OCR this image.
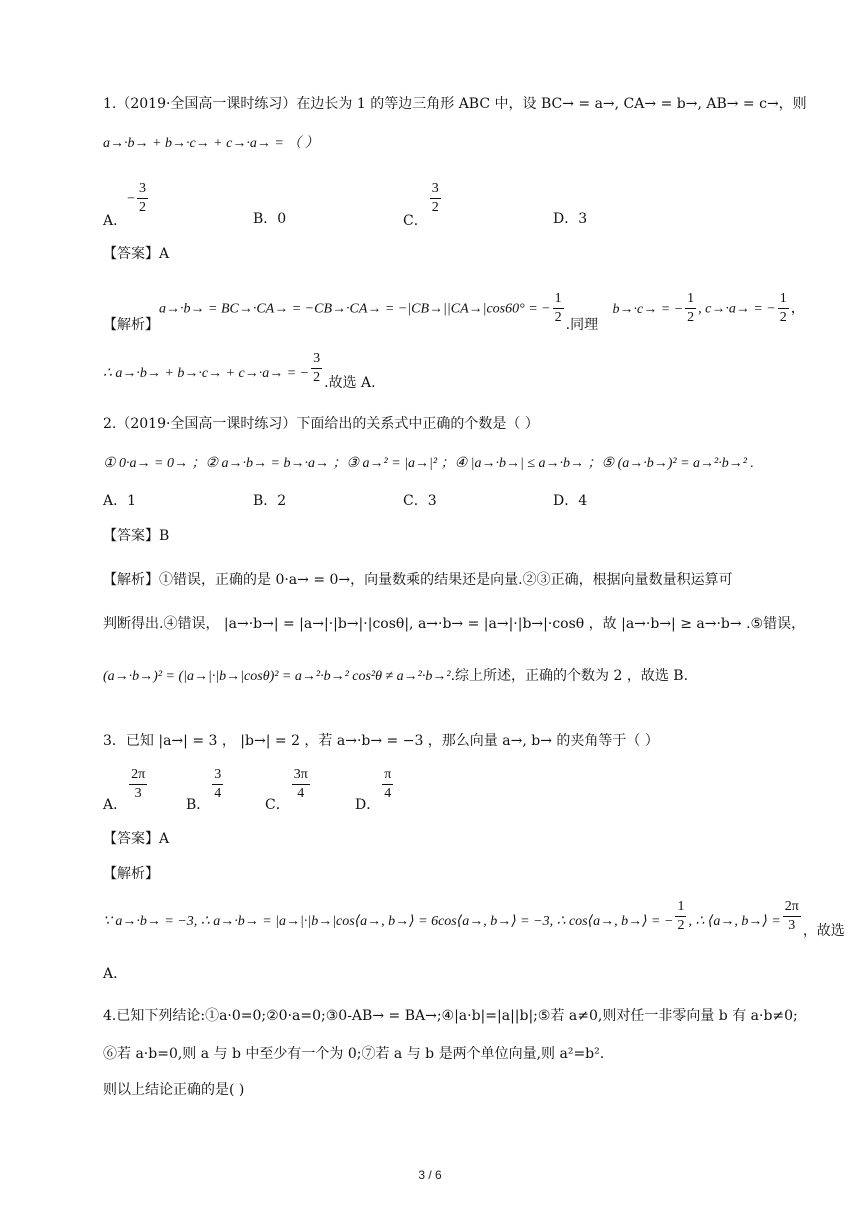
1.（2019·全国高一课时练习）在边长为 1 的等边三角形 ABC 中，设 BC→ = a→, CA→ = b→, AB→ = c→，则
a→·b→ + b→·c→ + c→·a→ = （ ）
A．− $\frac{3}{2}$
B．0	C．
$\frac{3}{2}$
D．3
【答案】A
【解析】a→·b→ = BC→·CA→ = −CB→·CA→ = −|CB→||CA→|cos60° = − $\frac{1}{2}$ .同理 b→·c→ = − $\frac{1}{2}$ , c→·a→ = − $\frac{1}{2}$ ，
∴ a→·b→ + b→·c→ + c→·a→ = − $\frac{3}{2}$ .故选 A.
2.（2019·全国高一课时练习）下面给出的关系式中正确的个数是（ ）
① 0·a→ = 0→ ；② a→·b→ = b→·a→ ；③ a→² = |a→|² ；④ |a→·b→| ≤ a→·b→ ；⑤ (a→·b→)² = a→²·b→² .
A．1	B．2	C．3	D．4
【答案】B
【解析】①错误，正确的是 0·a→ = 0→，向量数乘的结果还是向量.②③正确，根据向量数量积运算可
判断得出.④错误， |a→·b→| = |a→|·|b→|·|cosθ|, a→·b→ = |a→|·|b→|·cosθ ，故 |a→·b→| ≥ a→·b→ .⑤错误，
(a→·b→)² = (|a→|·|b→|cosθ)² = a→²·b→² cos²θ ≠ a→²·b→².综上所述，正确的个数为 2 ，故选 B.
3．已知 |a→| = 3 ， |b→| = 2 ，若 a→·b→ = −3 ，那么向量 a→, b→ 的夹角等于（ ）
A．
$\frac{2\pi}{3}$
B．
$\frac{3}{4}$
C．
$\frac{3\pi}{4}$
D．
$\frac{\pi}{4}$
【答案】A
【解析】
∵ a→·b→ = −3, ∴ a→·b→ = |a→|·|b→|cos⟨a→, b→⟩ = 6cos⟨a→, b→⟩ = −3, ∴ cos⟨a→, b→⟩ = − $\frac{1}{2}$ , ∴ ⟨a→, b→⟩ = $\frac{2\pi}{3}$ ，故选
A．
4.已知下列结论:①a·0=0;②0·a=0;③0-AB→ = BA→;④|a·b|=|a||b|;⑤若 a≠0,则对任一非零向量 b 有 a·b≠0;
⑥若 a·b=0,则 a 与 b 中至少有一个为 0;⑦若 a 与 b 是两个单位向量,则 a²=b².
则以上结论正确的是( )
3 / 6
